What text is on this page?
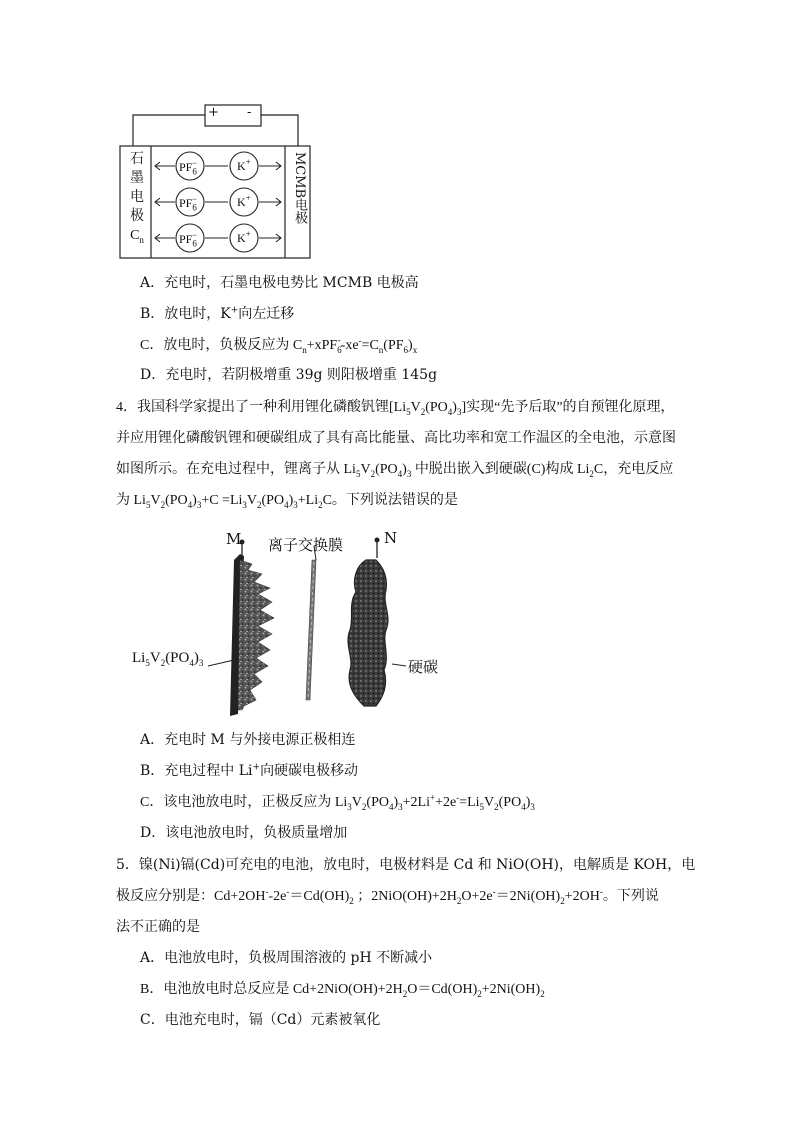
+ -
石
墨
电
极
$C_n$
MCMB电极
$PF_6^-$
$PF_6^-$
$PF_6^-$
K+
K+
K+
A．充电时，石墨电极电势比 MCMB 电极高
B．放电时，K+向左迁移
C．放电时，负极反应为 $C_n+xPF_6^--xe^-=C_n(PF_6)_x$
D．充电时，若阴极增重 39g 则阳极增重 145g
4．我国科学家提出了一种利用锂化磷酸钒锂$[Li_5V_2(PO_4)_3]$实现“先予后取”的自预锂化原理，
并应用锂化磷酸钒锂和硬碳组成了具有高比能量、高比功率和宽工作温区的全电池，示意图
如图所示。在充电过程中，锂离子从 $Li_5V_2(PO_4)_3$ 中脱出嵌入到硬碳(C)构成 $Li_2C$，充电反应
为 $Li_5V_2(PO_4)_3+C =Li_3V_2(PO_4)_3+Li_2C$。下列说法错误的是
M	N
离子交换膜
$Li_5V_2(PO_4)_3$	硬碳
A．充电时 M 与外接电源正极相连
B．充电过程中 Li+向硬碳电极移动
C．该电池放电时，正极反应为 $Li_3V_2(PO_4)_3+2Li^++2e^-=Li_5V_2(PO_4)_3$
D．该电池放电时，负极质量增加
5．镍(Ni)镉(Cd)可充电的电池，放电时，电极材料是 Cd 和 NiO(OH)，电解质是 KOH，电
极反应分别是：$Cd+2OH^--2e^-=Cd(OH)_2$ ；$2NiO(OH)+2H_2O+2e^-=2Ni(OH)_2+2OH^-$。下列说
法不正确的是
A．电池放电时，负极周围溶液的 pH 不断减小
B．电池放电时总反应是 $Cd+2NiO(OH)+2H_2O=Cd(OH)_2+2Ni(OH)_2$
C．电池充电时，镉（Cd）元素被氧化
